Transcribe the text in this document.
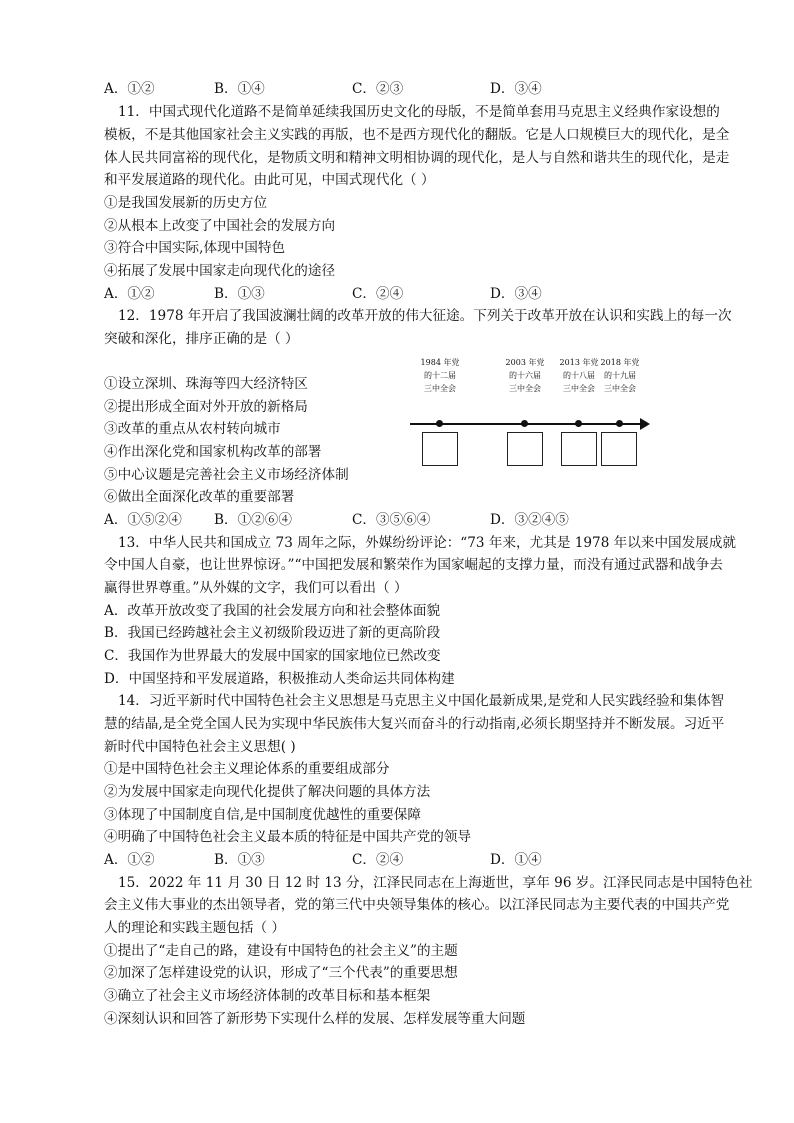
A．①②	B．①④	C．②③	D．③④
11．中国式现代化道路不是简单延续我国历史文化的母版，不是简单套用马克思主义经典作家设想的
模板，不是其他国家社会主义实践的再版，也不是西方现代化的翻版。它是人口规模巨大的现代化，是全
体人民共同富裕的现代化，是物质文明和精神文明相协调的现代化，是人与自然和谐共生的现代化，是走
和平发展道路的现代化。由此可见，中国式现代化（ ）
①是我国发展新的历史方位
②从根本上改变了中国社会的发展方向
③符合中国实际,体现中国特色
④拓展了发展中国家走向现代化的途径
A．①②	B．①③	C．②④	D．③④
12．1978 年开启了我国波澜壮阔的改革开放的伟大征途。下列关于改革开放在认识和实践上的每一次
突破和深化，排序正确的是（ ）
①设立深圳、珠海等四大经济特区
②提出形成全面对外开放的新格局
③改革的重点从农村转向城市
④作出深化党和国家机构改革的部署
⑤中心议题是完善社会主义市场经济体制
⑥做出全面深化改革的重要部署
A．①⑤②④ B．①②⑥④	C．③⑤⑥④	D．③②④⑤
1984 年党
的十二届
三中全会
2003 年党
的十六届
三中全会
2013 年党
的十八届
三中全会
2018 年党
的十九届
三中全会
13．中华人民共和国成立 73 周年之际，外媒纷纷评论：“73 年来，尤其是 1978 年以来中国发展成就
令中国人自豪，也让世界惊讶。”“中国把发展和繁荣作为国家崛起的支撑力量，而没有通过武器和战争去
赢得世界尊重。”从外媒的文字，我们可以看出（ ）
A．改革开放改变了我国的社会发展方向和社会整体面貌
B．我国已经跨越社会主义初级阶段迈进了新的更高阶段
C．我国作为世界最大的发展中国家的国家地位已然改变
D．中国坚持和平发展道路，积极推动人类命运共同体构建
14．习近平新时代中国特色社会主义思想是马克思主义中国化最新成果,是党和人民实践经验和集体智
慧的结晶,是全党全国人民为实现中华民族伟大复兴而奋斗的行动指南,必须长期坚持并不断发展。习近平
新时代中国特色社会主义思想( )
①是中国特色社会主义理论体系的重要组成部分
②为发展中国家走向现代化提供了解决问题的具体方法
③体现了中国制度自信,是中国制度优越性的重要保障
④明确了中国特色社会主义最本质的特征是中国共产党的领导
A．①②	B．①③	C．②④	D．①④
15．2022 年 11 月 30 日 12 时 13 分，江泽民同志在上海逝世，享年 96 岁。江泽民同志是中国特色社
会主义伟大事业的杰出领导者，党的第三代中央领导集体的核心。以江泽民同志为主要代表的中国共产党
人的理论和实践主题包括（ ）
①提出了“走自己的路，建设有中国特色的社会主义”的主题
②加深了怎样建设党的认识，形成了“三个代表”的重要思想
③确立了社会主义市场经济体制的改革目标和基本框架
④深刻认识和回答了新形势下实现什么样的发展、怎样发展等重大问题
